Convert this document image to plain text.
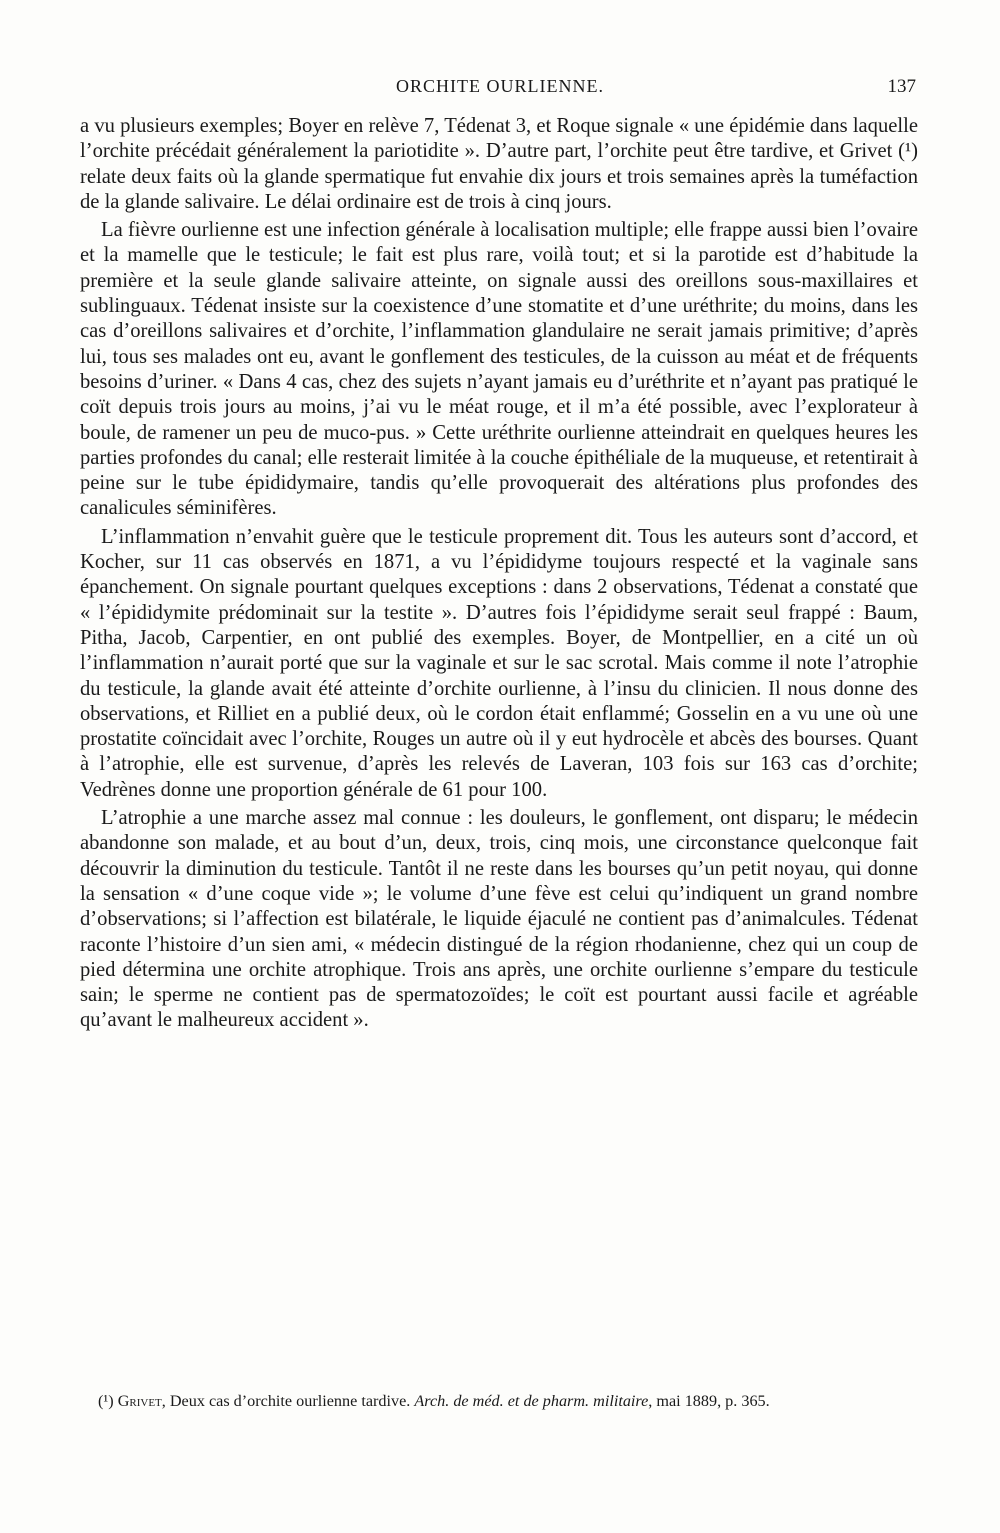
ORCHITE OURLIENNE.	137

a vu plusieurs exemples; Boyer en relève 7, Tédenat 3, et Roque signale « une épidémie dans laquelle l’orchite précédait généralement la pariotidite ». D’autre part, l’orchite peut être tardive, et Grivet (¹) relate deux faits où la glande spermatique fut envahie dix jours et trois semaines après la tuméfaction de la glande salivaire. Le délai ordinaire est de trois à cinq jours.

La fièvre ourlienne est une infection générale à localisation multiple; elle frappe aussi bien l’ovaire et la mamelle que le testicule; le fait est plus rare, voilà tout; et si la parotide est d’habitude la première et la seule glande salivaire atteinte, on signale aussi des oreillons sous-maxillaires et sublinguaux. Tédenat insiste sur la coexistence d’une stomatite et d’une uréthrite; du moins, dans les cas d’oreillons salivaires et d’orchite, l’inflammation glandulaire ne serait jamais primitive; d’après lui, tous ses malades ont eu, avant le gonflement des testicules, de la cuisson au méat et de fréquents besoins d’uriner. « Dans 4 cas, chez des sujets n’ayant jamais eu d’uréthrite et n’ayant pas pratiqué le coït depuis trois jours au moins, j’ai vu le méat rouge, et il m’a été possible, avec l’explorateur à boule, de ramener un peu de muco-pus. » Cette uréthrite ourlienne atteindrait en quelques heures les parties profondes du canal; elle resterait limitée à la couche épithéliale de la muqueuse, et retentirait à peine sur le tube épididymaire, tandis qu’elle provoquerait des altérations plus profondes des canalicules séminifères.

L’inflammation n’envahit guère que le testicule proprement dit. Tous les auteurs sont d’accord, et Kocher, sur 11 cas observés en 1871, a vu l’épididyme toujours respecté et la vaginale sans épanchement. On signale pourtant quelques exceptions : dans 2 observations, Tédenat a constaté que « l’épididymite prédominait sur la testite ». D’autres fois l’épididyme serait seul frappé : Baum, Pitha, Jacob, Carpentier, en ont publié des exemples. Boyer, de Montpellier, en a cité un où l’inflammation n’aurait porté que sur la vaginale et sur le sac scrotal. Mais comme il note l’atrophie du testicule, la glande avait été atteinte d’orchite ourlienne, à l’insu du clinicien. Il nous donne des observations, et Rilliet en a publié deux, où le cordon était enflammé; Gosselin en a vu une où une prostatite coïncidait avec l’orchite, Rouges un autre où il y eut hydrocèle et abcès des bourses. Quant à l’atrophie, elle est survenue, d’après les relevés de Laveran, 103 fois sur 163 cas d’orchite; Vedrènes donne une proportion générale de 61 pour 100.

L’atrophie a une marche assez mal connue : les douleurs, le gonflement, ont disparu; le médecin abandonne son malade, et au bout d’un, deux, trois, cinq mois, une circonstance quelconque fait découvrir la diminution du testicule. Tantôt il ne reste dans les bourses qu’un petit noyau, qui donne la sensation « d’une coque vide »; le volume d’une fève est celui qu’indiquent un grand nombre d’observations; si l’affection est bilatérale, le liquide éjaculé ne contient pas d’animalcules. Tédenat raconte l’histoire d’un sien ami, « médecin distingué de la région rhodanienne, chez qui un coup de pied détermina une orchite atrophique. Trois ans après, une orchite ourlienne s’empare du testicule sain; le sperme ne contient pas de spermatozoïdes; le coït est pourtant aussi facile et agréable qu’avant le malheureux accident ».

(¹) Grivet, Deux cas d’orchite ourlienne tardive. Arch. de méd. et de pharm. militaire, mai 1889, p. 365.
